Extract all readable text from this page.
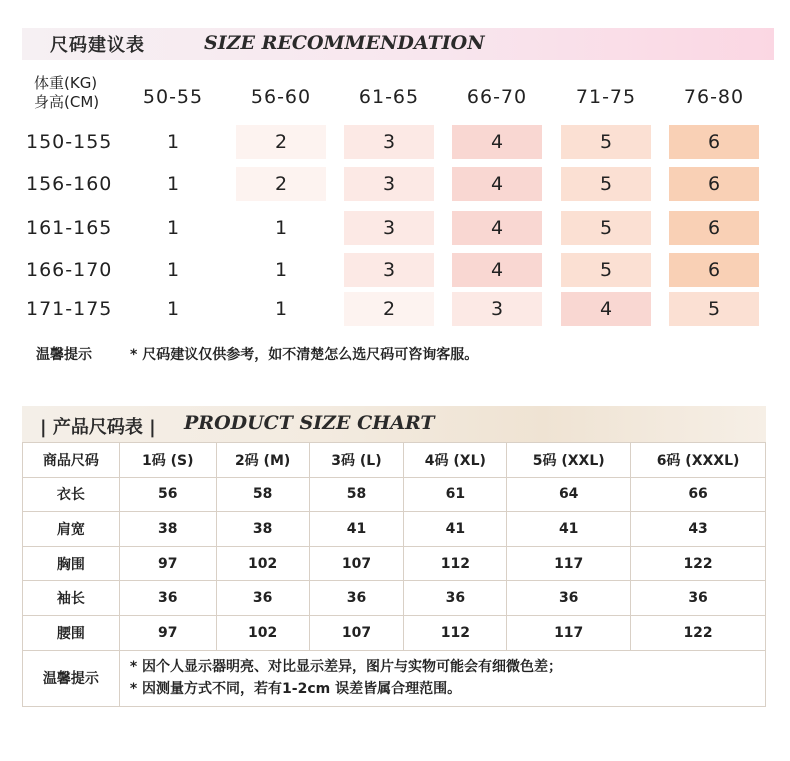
尺码建议表	SIZE RECOMMENDATION
体重(KG)
身高(CM)	50-55	56-60	61-65	66-70	71-75	76-80
150-155	1	2	3	4	5	6
156-160	1	2	3	4	5	6
161-165	1	1	3	4	5	6
166-170	1	1	3	4	5	6
171-175	1	1	2	3	4	5
温馨提示	* 尺码建议仅供参考，如不清楚怎么选尺码可咨询客服。
| 产品尺码表 | PRODUCT SIZE CHART
商品尺码	1码 (S)	2码 (M)	3码 (L)	4码 (XL)	5码 (XXL)	6码 (XXXL)
衣长	56	58	58	61	64	66
肩宽	38	38	41	41	41	43
胸围	97	102	107	112	117	122
袖长	36	36	36	36	36	36
腰围	97	102	107	112	117	122
温馨提示	* 因个人显示器明亮、对比显示差异，图片与实物可能会有细微色差；
* 因测量方式不同，若有1-2cm 误差皆属合理范围。					
